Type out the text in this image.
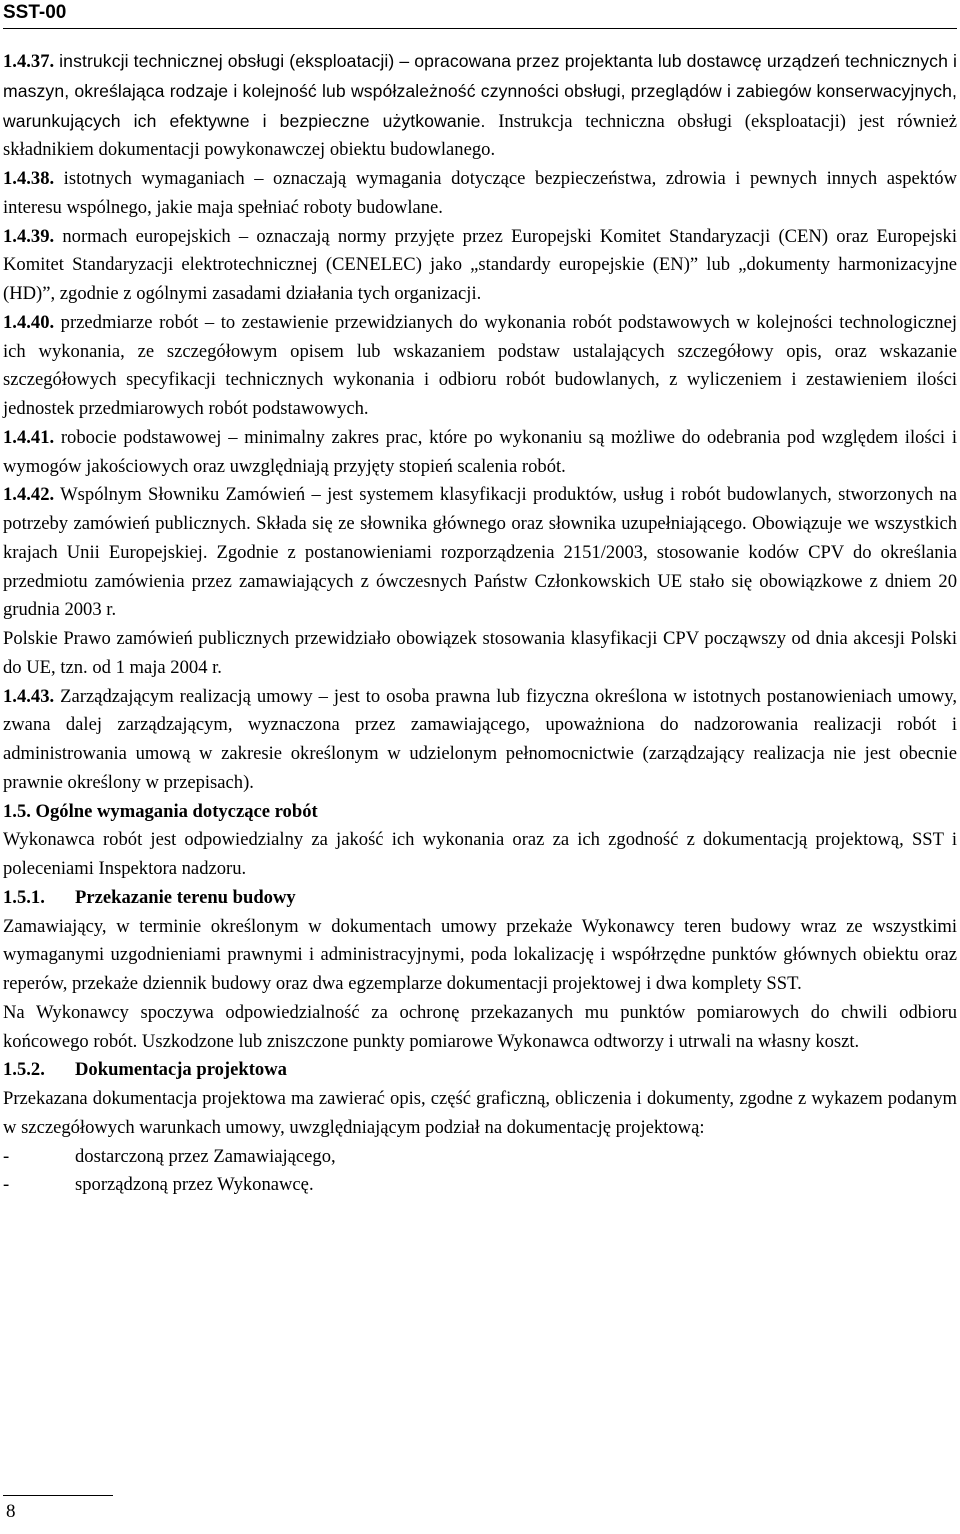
SST-00

1.4.37. instrukcji technicznej obsługi (eksploatacji) – opracowana przez projektanta lub dostawcę urządzeń technicznych i maszyn, określająca rodzaje i kolejność lub współzależność czynności obsługi, przeglądów i zabiegów konserwacyjnych, warunkujących ich efektywne i bezpieczne użytkowanie. Instrukcja techniczna obsługi (eksploatacji) jest również składnikiem dokumentacji powykonawczej obiektu budowlanego.

1.4.38. istotnych wymaganiach – oznaczają wymagania dotyczące bezpieczeństwa, zdrowia i pewnych innych aspektów interesu wspólnego, jakie maja spełniać roboty budowlane.

1.4.39. normach europejskich – oznaczają normy przyjęte przez Europejski Komitet Standaryzacji (CEN) oraz Europejski Komitet Standaryzacji elektrotechnicznej (CENELEC) jako „standardy europejskie (EN)” lub „dokumenty harmonizacyjne (HD)”, zgodnie z ogólnymi zasadami działania tych organizacji.

1.4.40. przedmiarze robót – to zestawienie przewidzianych do wykonania robót podstawowych w kolejności technologicznej ich wykonania, ze szczegółowym opisem lub wskazaniem podstaw ustalających szczegółowy opis, oraz wskazanie szczegółowych specyfikacji technicznych wykonania i odbioru robót budowlanych, z wyliczeniem i zestawieniem ilości jednostek przedmiarowych robót podstawowych.

1.4.41. robocie podstawowej – minimalny zakres prac, które po wykonaniu są możliwe do odebrania pod względem ilości i wymogów jakościowych oraz uwzględniają przyjęty stopień scalenia robót.

1.4.42. Wspólnym Słowniku Zamówień – jest systemem klasyfikacji produktów, usług i robót budowlanych, stworzonych na potrzeby zamówień publicznych. Składa się ze słownika głównego oraz słownika uzupełniającego. Obowiązuje we wszystkich krajach Unii Europejskiej. Zgodnie z postanowieniami rozporządzenia 2151/2003, stosowanie kodów CPV do określania przedmiotu zamówienia przez zamawiających z ówczesnych Państw Członkowskich UE stało się obowiązkowe z dniem 20 grudnia 2003 r.

Polskie Prawo zamówień publicznych przewidziało obowiązek stosowania klasyfikacji CPV począwszy od dnia akcesji Polski do UE, tzn. od 1 maja 2004 r.

1.4.43. Zarządzającym realizacją umowy – jest to osoba prawna lub fizyczna określona w istotnych postanowieniach umowy, zwana dalej zarządzającym, wyznaczona przez zamawiającego, upoważniona do nadzorowania realizacji robót i administrowania umową w zakresie określonym w udzielonym pełnomocnictwie (zarządzający realizacja nie jest obecnie prawnie określony w przepisach).

1.5. Ogólne wymagania dotyczące robót

Wykonawca robót jest odpowiedzialny za jakość ich wykonania oraz za ich zgodność z dokumentacją projektową, SST i poleceniami Inspektora nadzoru.

1.5.1. Przekazanie terenu budowy

Zamawiający, w terminie określonym w dokumentach umowy przekaże Wykonawcy teren budowy wraz ze wszystkimi wymaganymi uzgodnieniami prawnymi i administracyjnymi, poda lokalizację i współrzędne punktów głównych obiektu oraz reperów, przekaże dziennik budowy oraz dwa egzemplarze dokumentacji projektowej i dwa komplety SST.

Na Wykonawcy spoczywa odpowiedzialność za ochronę przekazanych mu punktów pomiarowych do chwili odbioru końcowego robót. Uszkodzone lub zniszczone punkty pomiarowe Wykonawca odtworzy i utrwali na własny koszt.

1.5.2. Dokumentacja projektowa

Przekazana dokumentacja projektowa ma zawierać opis, część graficzną, obliczenia i dokumenty, zgodne z wykazem podanym w szczegółowych warunkach umowy, uwzględniającym podział na dokumentację projektową:

-	dostarczoną przez Zamawiającego,

-	sporządzoną przez Wykonawcę.

8
